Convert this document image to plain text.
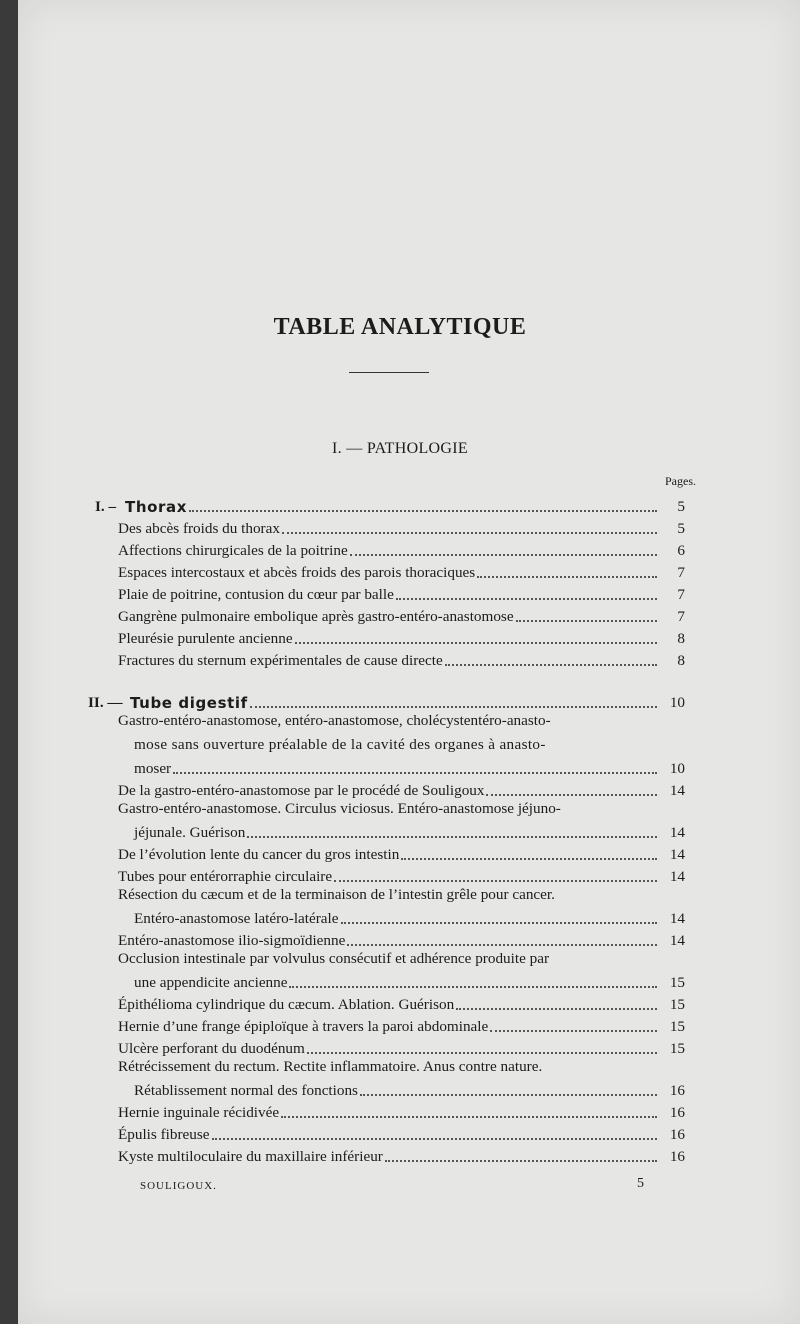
TABLE ANALYTIQUE
I. — PATHOLOGIE
Pages.
I. – Thorax	5
Des abcès froids du thorax	5
Affections chirurgicales de la poitrine	6
Espaces intercostaux et abcès froids des parois thoraciques	7
Plaie de poitrine, contusion du cœur par balle	7
Gangrène pulmonaire embolique après gastro-entéro-anastomose	7
Pleurésie purulente ancienne	8
Fractures du sternum expérimentales de cause directe	8
II. — Tube digestif	10
Gastro-entéro-anastomose, entéro-anastomose, cholécystentéro-anasto-
mose sans ouverture préalable de la cavité des organes à anasto-
moser	10
De la gastro-entéro-anastomose par le procédé de Souligoux	14
Gastro-entéro-anastomose. Circulus viciosus. Entéro-anastomose jéjuno-
jéjunale. Guérison	14
De l’évolution lente du cancer du gros intestin	14
Tubes pour entérorraphie circulaire	14
Résection du cæcum et de la terminaison de l’intestin grêle pour cancer.
Entéro-anastomose latéro-latérale	14
Entéro-anastomose ilio-sigmoïdienne	14
Occlusion intestinale par volvulus consécutif et adhérence produite par
une appendicite ancienne	15
Épithélioma cylindrique du cæcum. Ablation. Guérison	15
Hernie d’une frange épiploïque à travers la paroi abdominale	15
Ulcère perforant du duodénum	15
Rétrécissement du rectum. Rectite inflammatoire. Anus contre nature.
Rétablissement normal des fonctions	16
Hernie inguinale récidivée	16
Épulis fibreuse	16
Kyste multiloculaire du maxillaire inférieur	16
SOULIGOUX.	5
